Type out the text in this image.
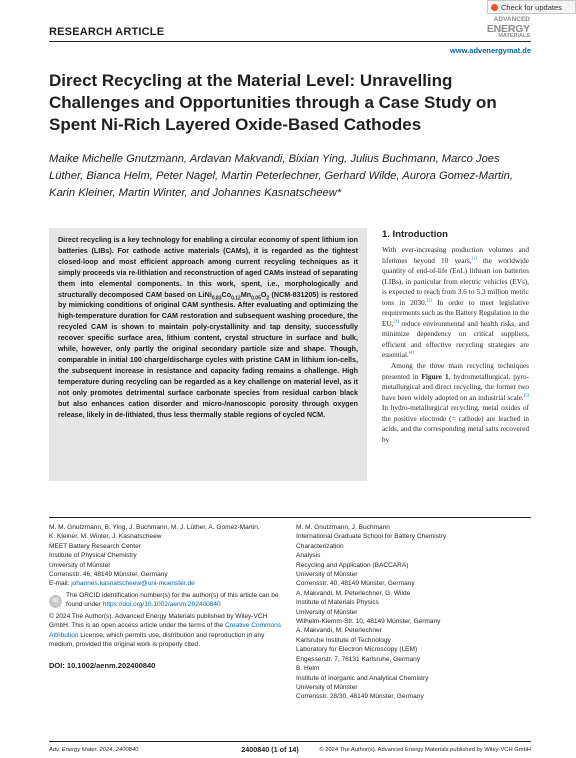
Check for updates
RESEARCH ARTICLE
ADVANCED
ENERGY
MATERIALS
www.advenergymat.de
Direct Recycling at the Material Level: Unravelling Challenges and Opportunities through a Case Study on Spent Ni-Rich Layered Oxide-Based Cathodes
Maike Michelle Gnutzmann, Ardavan Makvandi, Bixian Ying, Julius Buchmann, Marco Joes Lüther, Bianca Helm, Peter Nagel, Martin Peterlechner, Gerhard Wilde, Aurora Gomez-Martin, Karin Kleiner, Martin Winter, and Johannes Kasnatscheew*

Direct recycling is a key technology for enabling a circular economy of spent lithium ion batteries (LIBs). For cathode active materials (CAMs), it is regarded as the tightest closed-loop and most efficient approach among current recycling techniques as it simply proceeds via re-lithiation and reconstruction of aged CAMs instead of separating them into elemental components. In this work, spent, i.e., morphologically and structurally decomposed CAM based on $LiNi_{0.83}Co_{0.12}Mn_{0.05}O_2$ (NCM-831205) is restored by mimicking conditions of original CAM synthesis. After evaluating and optimizing the high-temperature duration for CAM restoration and subsequent washing procedure, the recycled CAM is shown to maintain poly-crystallinity and tap density, successfully recover specific surface area, lithium content, crystal structure in surface and bulk, while, however, only partly the original secondary particle size and shape. Though, comparable in initial 100 charge/discharge cycles with pristine CAM in lithium ion-cells, the subsequent increase in resistance and capacity fading remains a challenge. High temperature during recycling can be regarded as a key challenge on material level, as it not only promotes detrimental surface carbonate species from residual carbon black but also enhances cation disorder and micro-/nanoscopic porosity through oxygen release, likely in de-lithiated, thus less thermally stable regions of cycled NCM.

1. Introduction

With ever-increasing production volumes and lifetimes beyond 10 years,[1] the worldwide quantity of end-of-life (EoL) lithium ion batteries (LIBs), in particular from electric vehicles (EVs), is expected to reach from 3.6 to 5.3 million metric tons in 2030.[2] In order to meet legislative requirements such as the Battery Regulation in the EU,[3] reduce environmental and health risks, and minimize dependency on critical suppliers, efficient and effective recycling strategies are essential.[4]

Among the three main recycling techniques presented in Figure 1, hydrometallurgical, pyro-metallurgical and direct recycling, the former two have been widely adopted on an industrial scale.[5] In hydro-metallurgical recycling, metal oxides of the positive electrode (= cathode) are leached in acids, and the corresponding metal salts recovered by

M. M. Gnutzmann, B. Ying, J. Buchmann, M. J. Lüther, A. Gomez-Martin,
K. Kleiner, M. Winter, J. Kasnatscheew
MEET Battery Research Center
Institute of Physical Chemistry
University of Münster
Corrensstr. 46, 48149 Münster, Germany
E-mail: johannes.kasnatscheew@uni-muenster.de
M. M. Gnutzmann, J. Buchmann
International Graduate School for Battery Chemistry
Characterization
Analysis
Recycling and Application (BACCARA)
University of Münster
Corrensstr. 40, 48149 Münster, Germany
A. Makvandi, M. Peterlechner, G. Wilde
Institute of Materials Physics
University of Münster
Wilhelm-Klemm-Str. 10, 48149 Münster, Germany
A. Makvandi, M. Peterlechner
Karlsruhe Institute of Technology
Laboratory for Electron Microscopy (LEM)
Engesserstr. 7, 76131 Karlsruhe, Germany
B. Helm
Institute of Inorganic and Analytical Chemistry
University of Münster
Corrensstr. 28/30, 48149 Münster, Germany
iD
The ORCID identification number(s) for the author(s) of this article can be found under https://doi.org/10.1002/aenm.202400840
© 2024 The Author(s). Advanced Energy Materials published by Wiley-VCH GmbH. This is an open access article under the terms of the Creative Commons Attribution License, which permits use, distribution and reproduction in any medium, provided the original work is properly cited.
DOI: 10.1002/aenm.202400840
Adv. Energy Mater. 2024, 2400840	2400840 (1 of 14)	© 2024 The Author(s). Advanced Energy Materials published by Wiley-VCH GmbH
